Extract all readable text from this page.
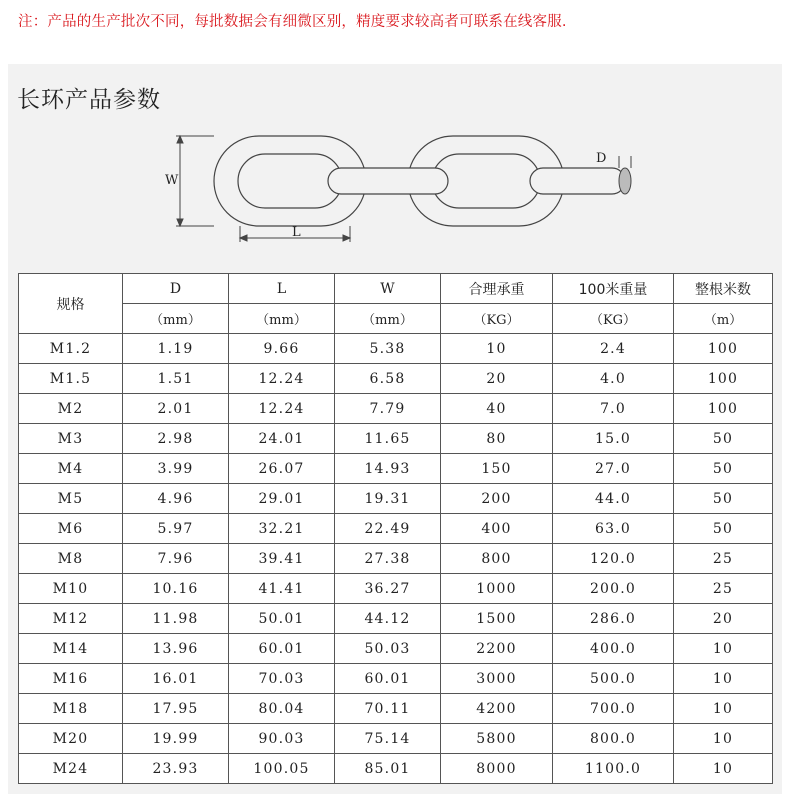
注：产品的生产批次不同，每批数据会有细微区别，精度要求较高者可联系在线客服.
长环产品参数
W
L
D
规格	D	L	W	合理承重	100米重量	整根米数
	（mm）	（mm）	（mm）	（KG）	（KG）	（m）
M1.2	1.19	9.66	5.38	10	2.4	100
M1.5	1.51	12.24	6.58	20	4.0	100
M2	2.01	12.24	7.79	40	7.0	100
M3	2.98	24.01	11.65	80	15.0	50
M4	3.99	26.07	14.93	150	27.0	50
M5	4.96	29.01	19.31	200	44.0	50
M6	5.97	32.21	22.49	400	63.0	50
M8	7.96	39.41	27.38	800	120.0	25
M10	10.16	41.41	36.27	1000	200.0	25
M12	11.98	50.01	44.12	1500	286.0	20
M14	13.96	60.01	50.03	2200	400.0	10
M16	16.01	70.03	60.01	3000	500.0	10
M18	17.95	80.04	70.11	4200	700.0	10
M20	19.99	90.03	75.14	5800	800.0	10
M24	23.93	100.05	85.01	8000	1100.0	10
